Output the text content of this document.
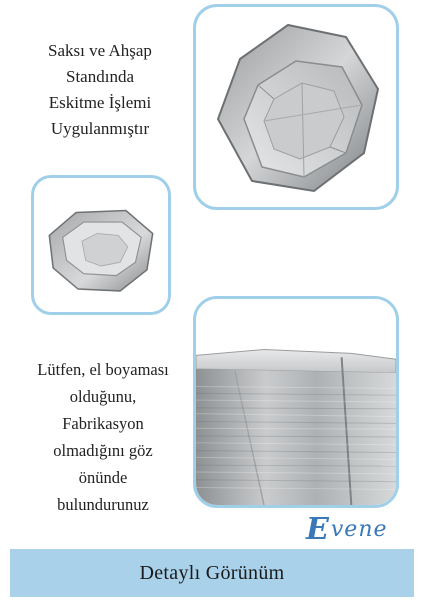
Saksı ve Ahşap
Standında
Eskitme İşlemi
Uygulanmıştır
Lütfen, el boyaması
olduğunu,
Fabrikasyon
olmadığını göz
önünde
bulundurunuz
Evene
Detaylı Görünüm
